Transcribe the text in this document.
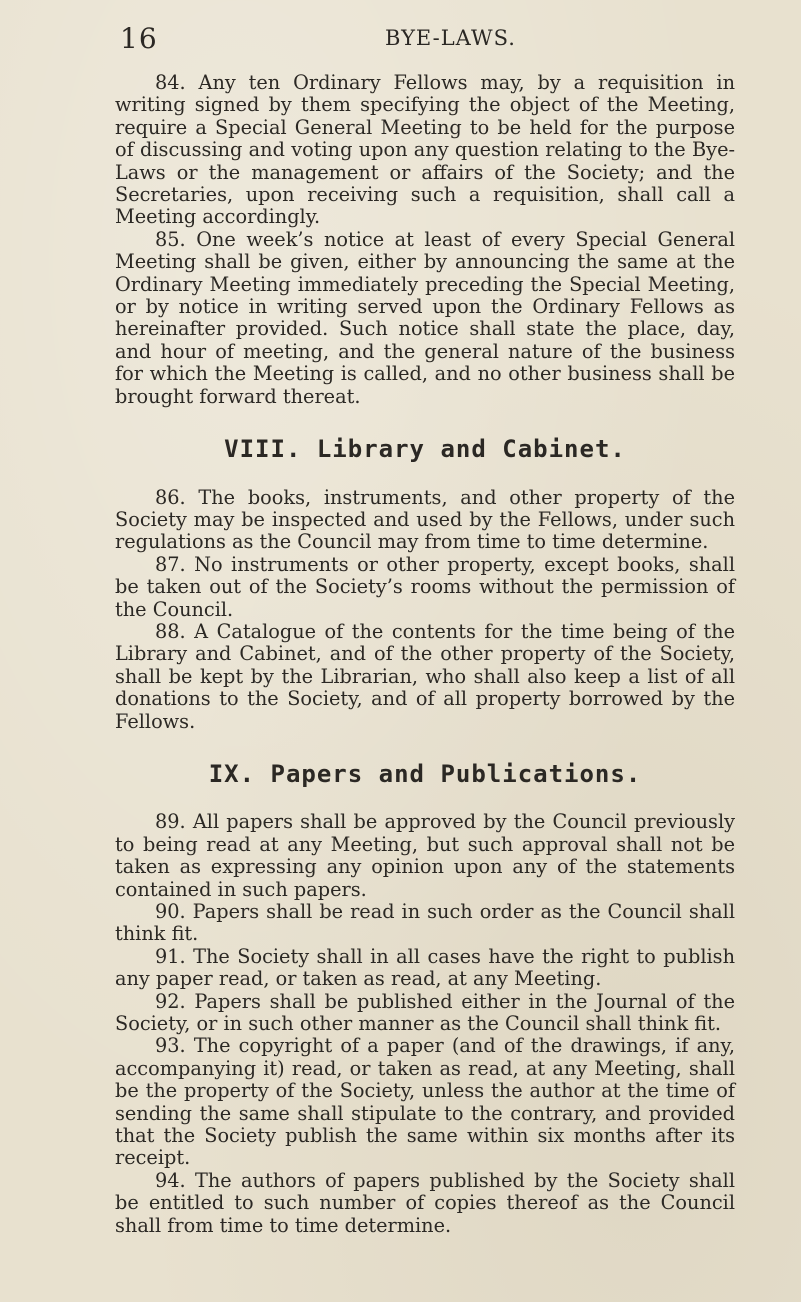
16	BYE-LAWS.

84. Any ten Ordinary Fellows may, by a requisition in writing signed by them specifying the object of the Meeting, require a Special General Meeting to be held for the purpose of discussing and voting upon any question relating to the Bye-Laws or the management or affairs of the Society; and the Secretaries, upon receiving such a requisition, shall call a Meeting accordingly.

85. One week’s notice at least of every Special General Meeting shall be given, either by announcing the same at the Ordinary Meeting immediately preceding the Special Meeting, or by notice in writing served upon the Ordinary Fellows as hereinafter provided. Such notice shall state the place, day, and hour of meeting, and the general nature of the business for which the Meeting is called, and no other business shall be brought forward thereat.

VIII. Library and Cabinet.

86. The books, instruments, and other property of the Society may be inspected and used by the Fellows, under such regulations as the Council may from time to time determine.

87. No instruments or other property, except books, shall be taken out of the Society’s rooms without the permission of the Council.

88. A Catalogue of the contents for the time being of the Library and Cabinet, and of the other property of the Society, shall be kept by the Librarian, who shall also keep a list of all donations to the Society, and of all property borrowed by the Fellows.

IX. Papers and Publications.

89. All papers shall be approved by the Council previously to being read at any Meeting, but such approval shall not be taken as expressing any opinion upon any of the statements contained in such papers.

90. Papers shall be read in such order as the Council shall think fit.

91. The Society shall in all cases have the right to publish any paper read, or taken as read, at any Meeting.

92. Papers shall be published either in the Journal of the Society, or in such other manner as the Council shall think fit.

93. The copyright of a paper (and of the drawings, if any, accompanying it) read, or taken as read, at any Meeting, shall be the property of the Society, unless the author at the time of sending the same shall stipulate to the contrary, and provided that the Society publish the same within six months after its receipt.

94. The authors of papers published by the Society shall be entitled to such number of copies thereof as the Council shall from time to time determine.
